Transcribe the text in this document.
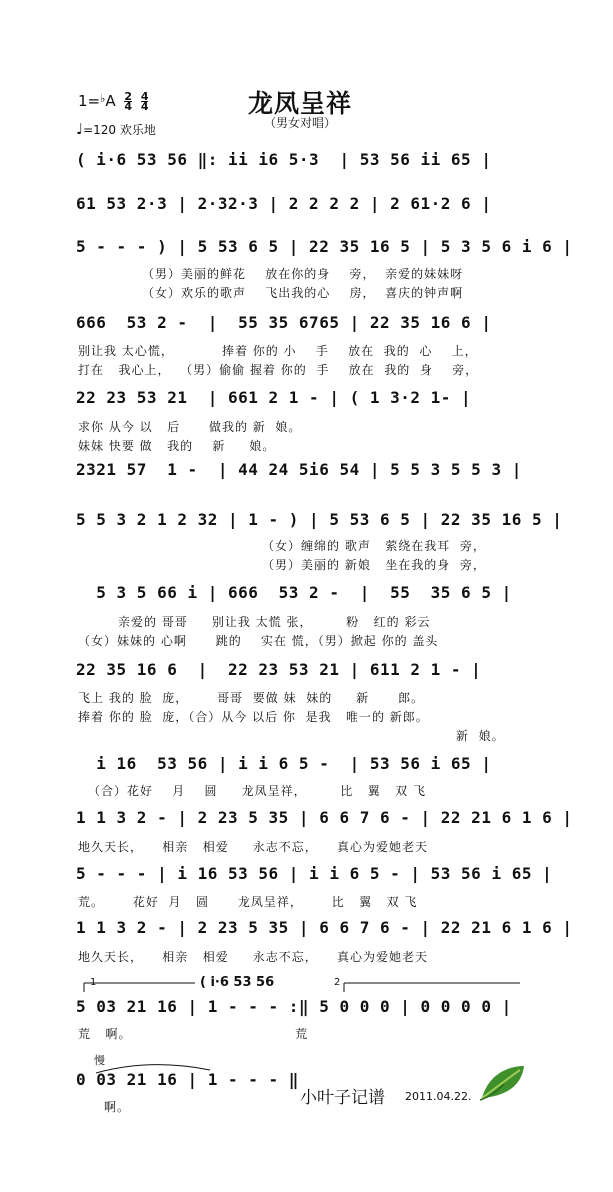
$1=^♭A \frac{2}{4}$
$\frac{4}{4}$	龙凤呈祥
（男女对唱）
♩=120 欢乐地
( i·6 53 56 ‖: ii i6 5·3  | 53 56 ii 65 |
61 53 2·3 | 2·32·3 | 2 2 2 2 | 2 61·2 6 |
5 - - - ) | 5 53 6 5 | 22 35 16 5 | 5 3 5 6 i 6 |
（男）美丽的鲜花    放在你的身    旁，  亲爱的妹妹呀
（女）欢乐的歌声    飞出我的心    房，  喜庆的钟声啊
666  53 2 -  |  55 35 6765 | 22 35 16 6 |
别让我 太心慌，          捧着 你的 小    手    放在  我的  心    上，
打在   我心上，  （男）偷偷 握着 你的  手    放在  我的  身    旁，
22 23 53 21  | 661 2 1 - | ( 1 3·2 1- |
求你 从今 以   后      做我的 新  娘。
妹妹 快要 做   我的    新     娘。
2321 57  1 -  | 44 24 5i6 54 | 5 5 3 5 5 3 |
5 5 3 2 1 2 32 | 1 - ) | 5 53 6 5 | 22 35 16 5 |
（女）缠绵的 歌声   萦绕在我耳  旁，
（男）美丽的 新娘   坐在我的身  旁，
5 3 5 66 i | 666  53 2 -  |  55  35 6 5 |
亲爱的 哥哥     别让我 太慌 张，       粉   红的 彩云
（女）妹妹的 心啊      跳的    实在 慌，（男）掀起 你的 盖头
22 35 16 6  |  22 23 53 21 | 611 2 1 - |
飞上 我的 脸  庞，      哥哥  要做 妹  妹的     新      郎。
捧着 你的 脸  庞，（合）从今 以后 你  是我   唯一的 新郎。
新  娘。
i 16  53 56 | i i 6 5 -  | 53 56 i 65 |
（合）花好    月    圆     龙凤呈祥，       比   翼   双 飞
1 1 3 2 - | 2 23 5 35 | 6 6 7 6 - | 22 21 6 1 6 |
地久天长，    相亲   相爱     永志不忘，    真心为爱她老天
5 - - - | i 16 53 56 | i i 6 5 - | 53 56 i 65 |
荒。      花好  月   圆      龙凤呈祥，      比   翼   双 飞
1 1 3 2 - | 2 23 5 35 | 6 6 7 6 - | 22 21 6 1 6 |
地久天长，    相亲   相爱     永志不忘，    真心为爱她老天
1	2
( i·6 53 56
5 03 21 16 | 1 - - - :‖ 5 0 0 0 | 0 0 0 0 |
荒   啊。                                  荒
慢
0 03 21 16 | 1 - - - ‖
啊。	小叶子记谱 2011.04.22.
